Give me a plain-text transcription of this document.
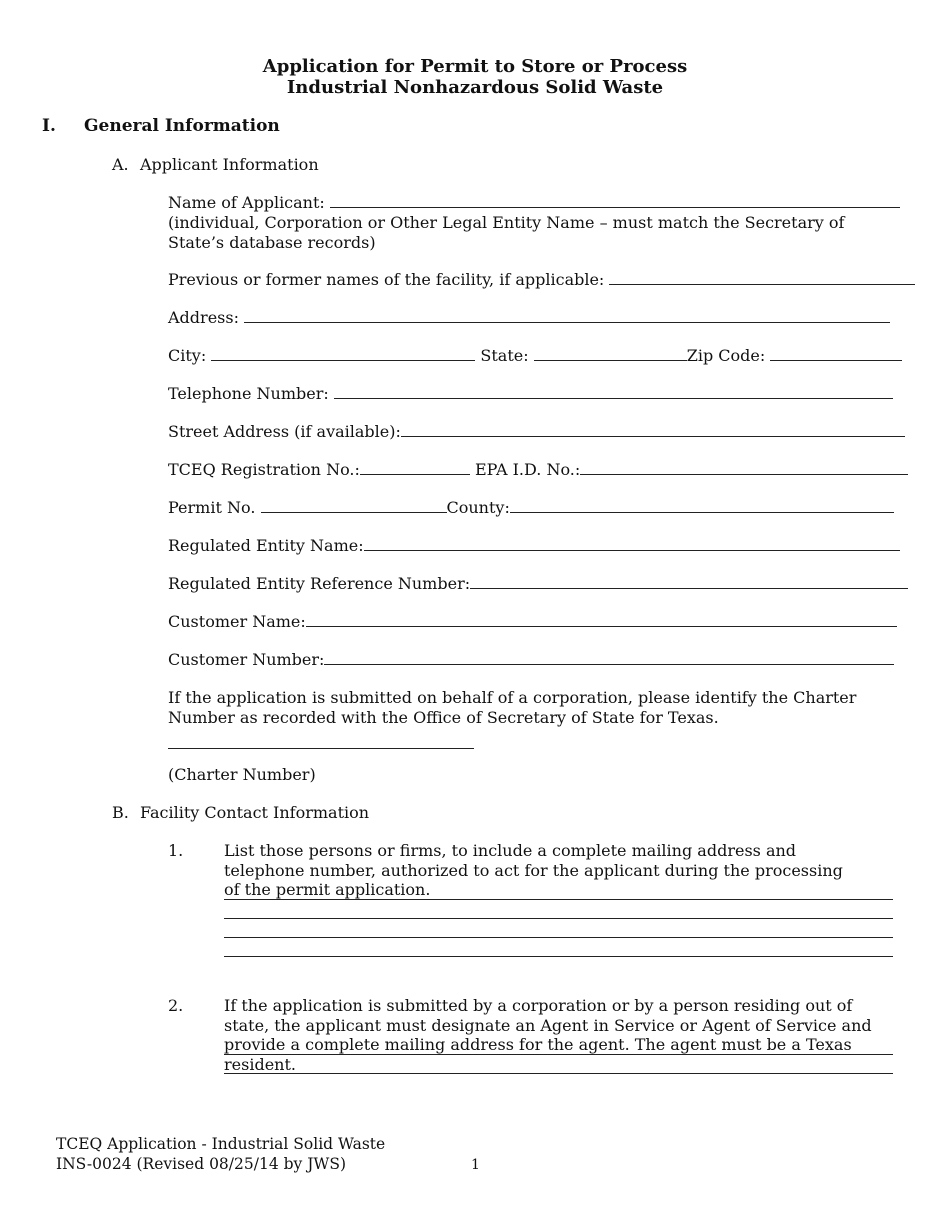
Application for Permit to Store or Process
Industrial Nonhazardous Solid Waste
I. General Information
A. Applicant Information
Name of Applicant:
(individual, Corporation or Other Legal Entity Name – must match the Secretary of State’s database records)
Previous or former names of the facility, if applicable:
Address:
City:	State:	Zip Code:
Telephone Number:
Street Address (if available):
TCEQ Registration No.:	EPA I.D. No.:
Permit No.	County:
Regulated Entity Name:
Regulated Entity Reference Number:
Customer Name:
Customer Number:
If the application is submitted on behalf of a corporation, please identify the Charter Number as recorded with the Office of Secretary of State for Texas.
(Charter Number)
B. Facility Contact Information
1.	List those persons or firms, to include a complete mailing address and telephone number, authorized to act for the applicant during the processing of the permit application.
2.	If the application is submitted by a corporation or by a person residing out of state, the applicant must designate an Agent in Service or Agent of Service and provide a complete mailing address for the agent. The agent must be a Texas resident.
TCEQ Application - Industrial Solid Waste
INS-0024 (Revised 08/25/14 by JWS)	1
